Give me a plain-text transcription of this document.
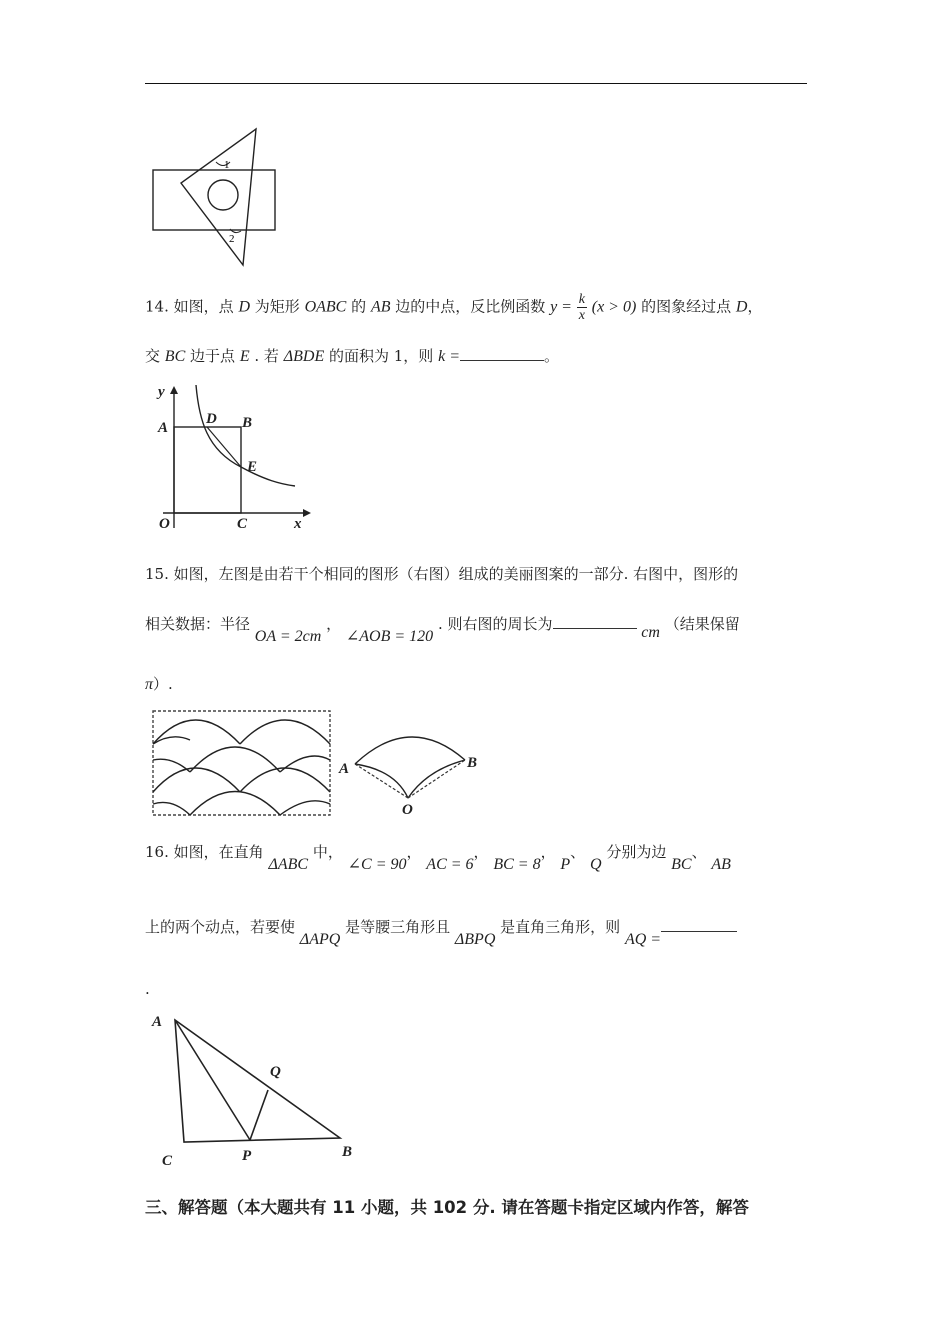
1
2
14. 如图，点 D 为矩形 OABC 的 AB 边的中点，反比例函数 $y = \frac{k}{x} (x > 0)$ 的图象经过点 D，
交 BC 边于点 E . 若 ΔBDE 的面积为 1，则 k =	。
y
A
D B
E
O	C	x
15. 如图，左图是由若干个相同的图形（右图）组成的美丽图案的一部分. 右图中，图形的
相关数据：半径 OA = 2cm ， ∠AOB = 120 . 则右图的周长为	cm （结果保留
π）.
A	B
O
16. 如图，在直角 ΔABC 中， ∠C = 90， AC = 6， BC = 8， P、 Q 分别为边 BC、 AB
上的两个动点，若要使 ΔAPQ 是等腰三角形且 ΔBPQ 是直角三角形，则 AQ =
.
A
Q
C	P	B
三、解答题（本大题共有 11 小题，共 102 分. 请在答题卡指定区域内作答，解答
